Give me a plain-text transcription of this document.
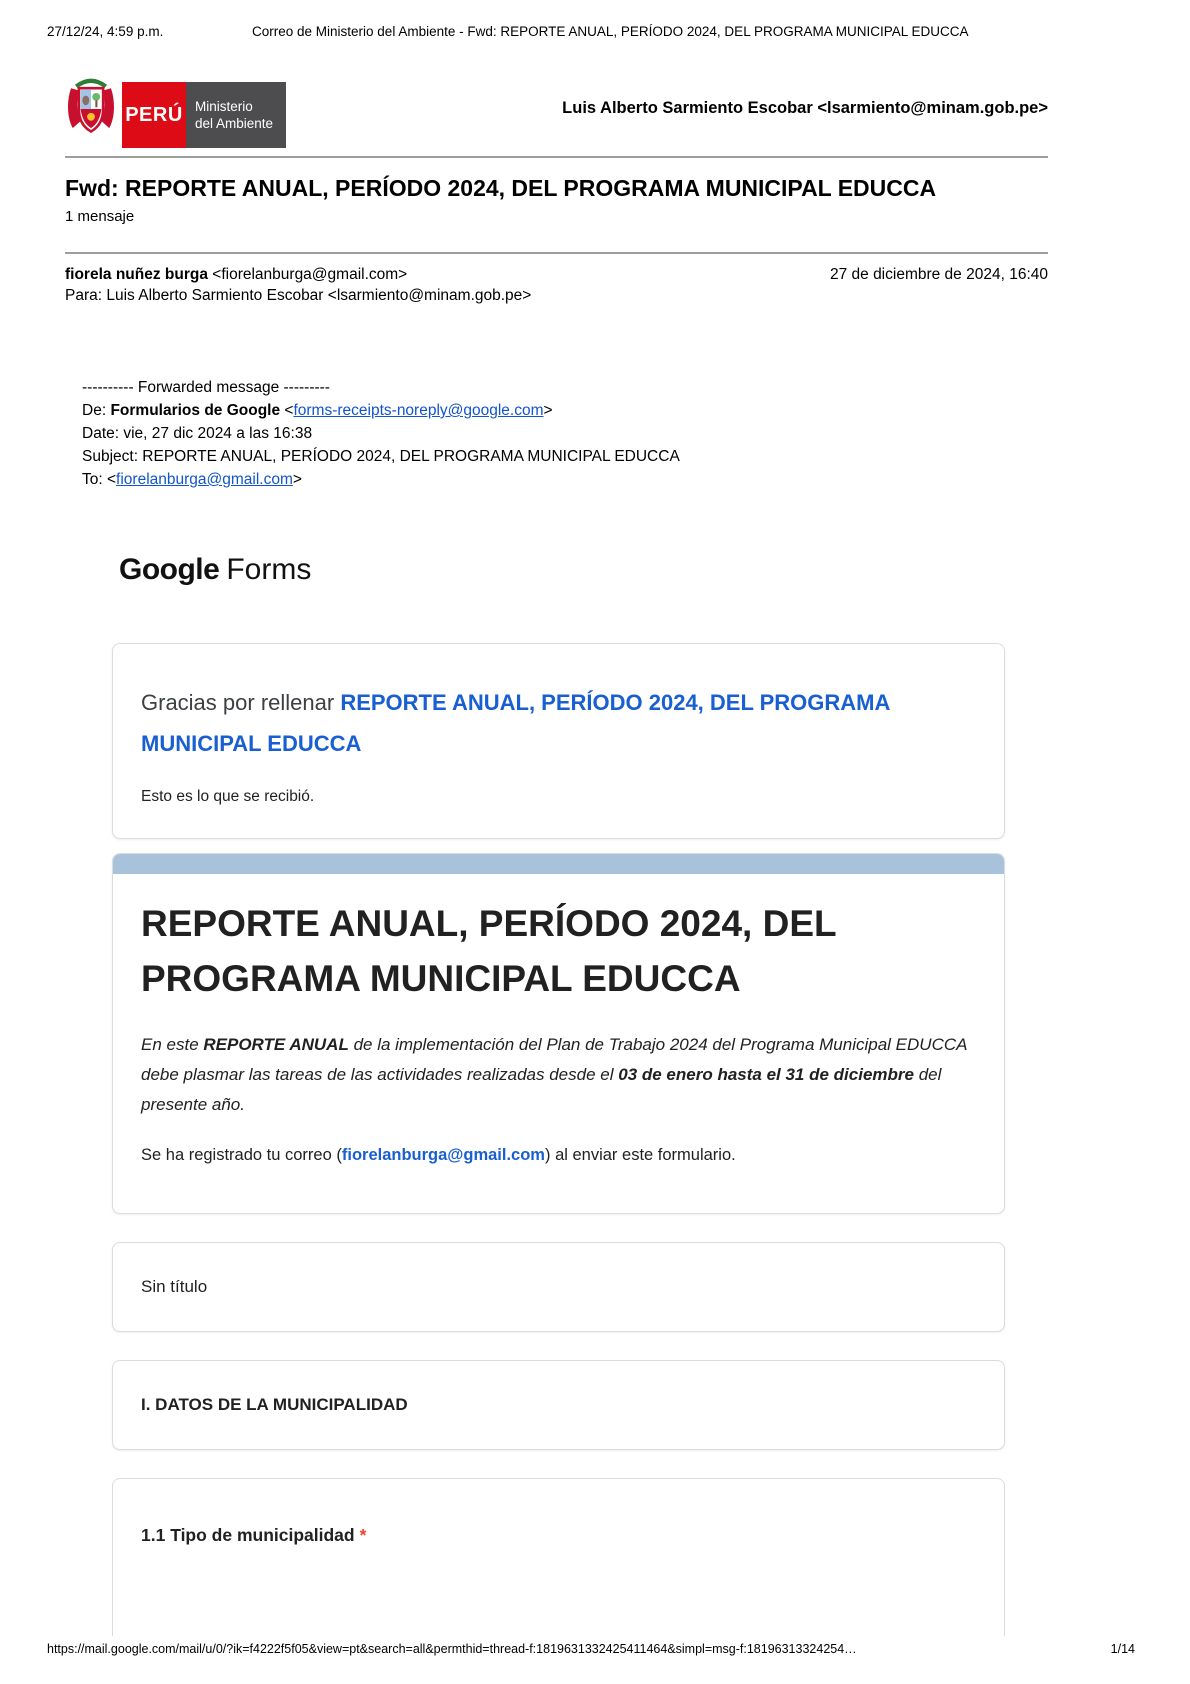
27/12/24, 4:59 p.m.	Correo de Ministerio del Ambiente - Fwd: REPORTE ANUAL, PERÍODO 2024, DEL PROGRAMA MUNICIPAL EDUCCA
PERÚ Ministerio
del Ambiente
Luis Alberto Sarmiento Escobar <lsarmiento@minam.gob.pe>
Fwd: REPORTE ANUAL, PERÍODO 2024, DEL PROGRAMA MUNICIPAL EDUCCA
1 mensaje
fiorela nuñez burga <fiorelanburga@gmail.com>	27 de diciembre de 2024, 16:40
Para: Luis Alberto Sarmiento Escobar <lsarmiento@minam.gob.pe>
---------- Forwarded message ---------
De: Formularios de Google <forms-receipts-noreply@google.com>
Date: vie, 27 dic 2024 a las 16:38
Subject: REPORTE ANUAL, PERÍODO 2024, DEL PROGRAMA MUNICIPAL EDUCCA
To: <fiorelanburga@gmail.com>
Google Forms

Gracias por rellenar REPORTE ANUAL, PERÍODO 2024, DEL PROGRAMA MUNICIPAL EDUCCA

Esto es lo que se recibió.

REPORTE ANUAL, PERÍODO 2024, DEL PROGRAMA MUNICIPAL EDUCCA

En este REPORTE ANUAL de la implementación del Plan de Trabajo 2024 del Programa Municipal EDUCCA debe plasmar las tareas de las actividades realizadas desde el 03 de enero hasta el 31 de diciembre del presente año.

Se ha registrado tu correo (fiorelanburga@gmail.com) al enviar este formulario.

Sin título
I. DATOS DE LA MUNICIPALIDAD
1.1 Tipo de municipalidad *
https://mail.google.com/mail/u/0/?ik=f4222f5f05&view=pt&search=all&permthid=thread-f:1819631332425411464&simpl=msg-f:18196313324254…	1/14
